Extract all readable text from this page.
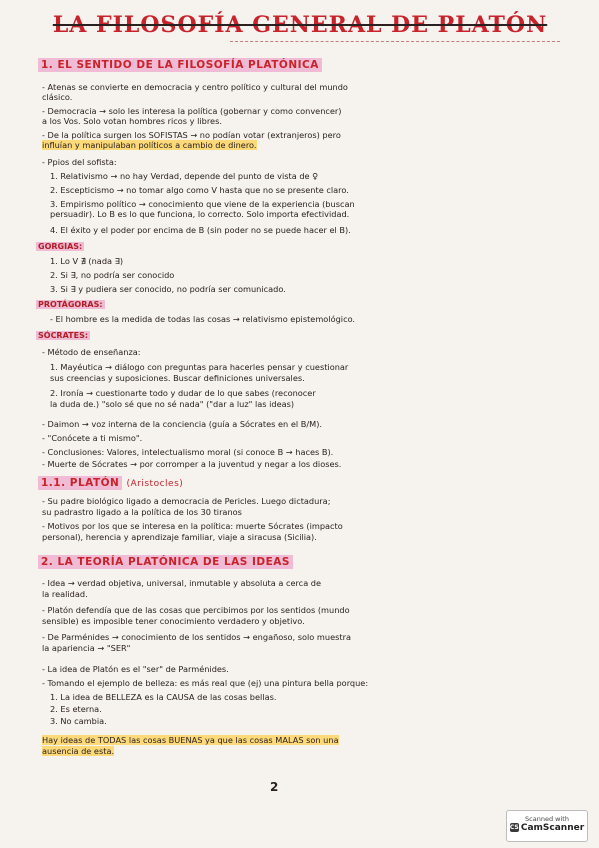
LA FILOSOFÍA GENERAL DE PLATÓN
1. EL SENTIDO DE LA FILOSOFÍA PLATÓNICA
- Atenas se convierte en democracia y centro político y cultural del mundo
clásico.
- Democracia → solo les interesa la política (gobernar y como convencer)
a los Vos. Solo votan hombres ricos y libres.
- De la política surgen los SOFISTAS → no podían votar (extranjeros) pero
influían y manipulaban políticos a cambio de dinero.
- Ppios del sofista:
1. Relativismo → no hay Verdad, depende del punto de vista de ♀
2. Escepticismo → no tomar algo como V hasta que no se presente claro.
3. Empirismo político → conocimiento que viene de la experiencia (buscan
persuadir). Lo B es lo que funciona, lo correcto. Solo importa efectividad.
4. El éxito y el poder por encima de B (sin poder no se puede hacer el B).
GORGIAS:
1. Lo V ∄ (nada ∃)
2. Si ∃, no podría ser conocido
3. Si ∃ y pudiera ser conocido, no podría ser comunicado.
PROTÁGORAS:
- El hombre es la medida de todas las cosas → relativismo epistemológico.
SÓCRATES:
- Método de enseñanza:
1. Mayéutica → diálogo con preguntas para hacerles pensar y cuestionar
sus creencias y suposiciones. Buscar definiciones universales.
2. Ironía → cuestionarte todo y dudar de lo que sabes (reconocer
la duda de.) "solo sé que no sé nada" ("dar a luz" las ideas)
- Daimon → voz interna de la conciencia (guía a Sócrates en el B/M).
- "Conócete a ti mismo".
- Conclusiones: Valores, intelectualismo moral (si conoce B → haces B).
- Muerte de Sócrates → por corromper a la juventud y negar a los dioses.
1.1. PLATÓN (Aristocles)
- Su padre biológico ligado a democracia de Pericles. Luego dictadura;
su padrastro ligado a la política de los 30 tiranos
- Motivos por los que se interesa en la política: muerte Sócrates (impacto
personal), herencia y aprendizaje familiar, viaje a siracusa (Sicilia).
2. LA TEORÍA PLATÓNICA DE LAS IDEAS
- Idea → verdad objetiva, universal, inmutable y absoluta a cerca de
la realidad.
- Platón defendía que de las cosas que percibimos por los sentidos (mundo
sensible) es imposible tener conocimiento verdadero y objetivo.
- De Parménides → conocimiento de los sentidos → engañoso, solo muestra
la apariencia → "SER"
- La idea de Platón es el "ser" de Parménides.
- Tomando el ejemplo de belleza: es más real que (ej) una pintura bella porque:
1. La idea de BELLEZA es la CAUSA de las cosas bellas.
2. Es eterna.
3. No cambia.
Hay ideas de TODAS las cosas BUENAS ya que las cosas MALAS son una
ausencia de esta.
2
Scanned with
CS CamScanner
